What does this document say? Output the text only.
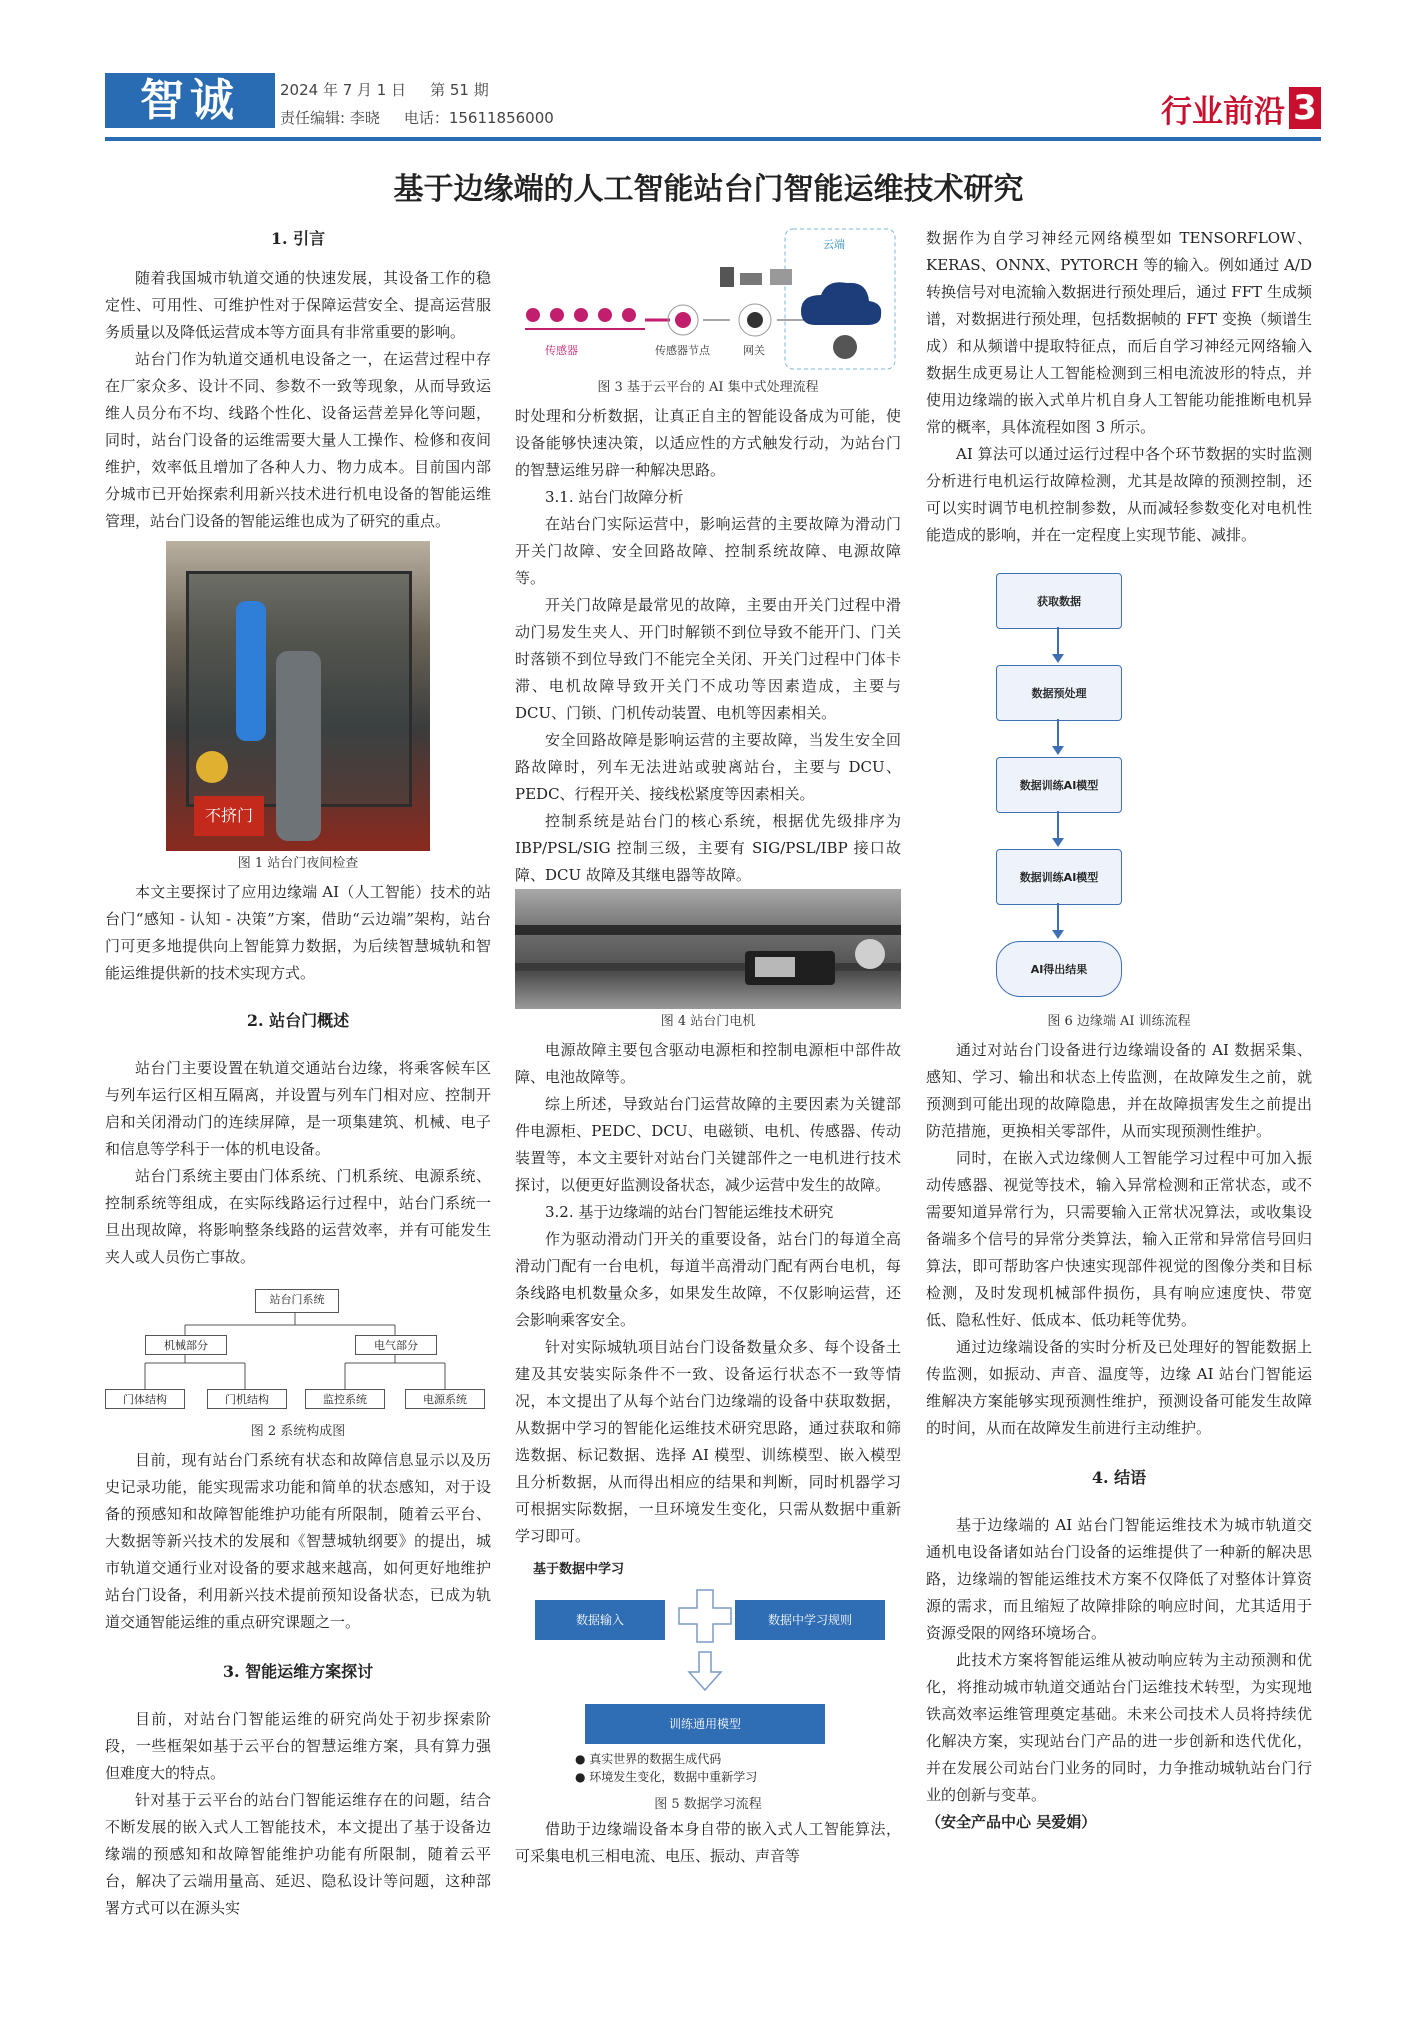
智诚	2024 年 7 月 1 日 第 51 期
责任编辑: 李晓 电话：15611856000	行业前沿 3
基于边缘端的人工智能站台门智能运维技术研究
1. 引言

随着我国城市轨道交通的快速发展，其设备工作的稳定性、可用性、可维护性对于保障运营安全、提高运营服务质量以及降低运营成本等方面具有非常重要的影响。

站台门作为轨道交通机电设备之一，在运营过程中存在厂家众多、设计不同、参数不一致等现象，从而导致运维人员分布不均、线路个性化、设备运营差异化等问题，同时，站台门设备的运维需要大量人工操作、检修和夜间维护，效率低且增加了各种人力、物力成本。目前国内部分城市已开始探索利用新兴技术进行机电设备的智能运维管理，站台门设备的智能运维也成为了研究的重点。

不挤门
图 1 站台门夜间检查

本文主要探讨了应用边缘端 AI（人工智能）技术的站台门“感知 - 认知 - 决策”方案，借助“云边端”架构，站台门可更多地提供向上智能算力数据，为后续智慧城轨和智能运维提供新的技术实现方式。

2. 站台门概述

站台门主要设置在轨道交通站台边缘，将乘客候车区与列车运行区相互隔离，并设置与列车门相对应、控制开启和关闭滑动门的连续屏障，是一项集建筑、机械、电子和信息等学科于一体的机电设备。

站台门系统主要由门体系统、门机系统、电源系统、控制系统等组成，在实际线路运行过程中，站台门系统一旦出现故障，将影响整条线路的运营效率，并有可能发生夹人或人员伤亡事故。

站台门系统
机械部分	电气部分
门体结构	门机结构	监控系统	电源系统
图 2 系统构成图

目前，现有站台门系统有状态和故障信息显示以及历史记录功能，能实现需求功能和简单的状态感知，对于设备的预感知和故障智能维护功能有所限制，随着云平台、大数据等新兴技术的发展和《智慧城轨纲要》的提出，城市轨道交通行业对设备的要求越来越高，如何更好地维护站台门设备，利用新兴技术提前预知设备状态，已成为轨道交通智能运维的重点研究课题之一。

3. 智能运维方案探讨

目前，对站台门智能运维的研究尚处于初步探索阶段，一些框架如基于云平台的智慧运维方案，具有算力强但难度大的特点。

针对基于云平台的站台门智能运维存在的问题，结合不断发展的嵌入式人工智能技术，本文提出了基于设备边缘端的预感知和故障智能维护功能有所限制，随着云平台，解决了云端用量高、延迟、隐私设计等问题，这种部署方式可以在源头实

云端
传感器	传感器节点	网关
图 3 基于云平台的 AI 集中式处理流程

时处理和分析数据，让真正自主的智能设备成为可能，使设备能够快速决策，以适应性的方式触发行动，为站台门的智慧运维另辟一种解决思路。

3.1. 站台门故障分析

在站台门实际运营中，影响运营的主要故障为滑动门开关门故障、安全回路故障、控制系统故障、电源故障等。

开关门故障是最常见的故障，主要由开关门过程中滑动门易发生夹人、开门时解锁不到位导致不能开门、门关时落锁不到位导致门不能完全关闭、开关门过程中门体卡滞、电机故障导致开关门不成功等因素造成，主要与 DCU、门锁、门机传动装置、电机等因素相关。

安全回路故障是影响运营的主要故障，当发生安全回路故障时，列车无法进站或驶离站台，主要与 DCU、PEDC、行程开关、接线松紧度等因素相关。

控制系统是站台门的核心系统，根据优先级排序为 IBP/PSL/SIG 控制三级，主要有 SIG/PSL/IBP 接口故障、DCU 故障及其继电器等故障。

图 4 站台门电机

电源故障主要包含驱动电源柜和控制电源柜中部件故障、电池故障等。

综上所述，导致站台门运营故障的主要因素为关键部件电源柜、PEDC、DCU、电磁锁、电机、传感器、传动装置等，本文主要针对站台门关键部件之一电机进行技术探讨，以便更好监测设备状态，减少运营中发生的故障。

3.2. 基于边缘端的站台门智能运维技术研究

作为驱动滑动门开关的重要设备，站台门的每道全高滑动门配有一台电机，每道半高滑动门配有两台电机，每条线路电机数量众多，如果发生故障，不仅影响运营，还会影响乘客安全。

针对实际城轨项目站台门设备数量众多、每个设备土建及其安装实际条件不一致、设备运行状态不一致等情况，本文提出了从每个站台门边缘端的设备中获取数据，从数据中学习的智能化运维技术研究思路，通过获取和筛选数据、标记数据、选择 AI 模型、训练模型、嵌入模型且分析数据，从而得出相应的结果和判断，同时机器学习可根据实际数据，一旦环境发生变化，只需从数据中重新学习即可。

基于数据中学习
数据输入	数据中学习规则
训练通用模型
● 真实世界的数据生成代码
● 环境发生变化，数据中重新学习
图 5 数据学习流程

借助于边缘端设备本身自带的嵌入式人工智能算法，可采集电机三相电流、电压、振动、声音等

数据作为自学习神经元网络模型如 TENSORFLOW、KERAS、ONNX、PYTORCH 等的输入。例如通过 A/D 转换信号对电流输入数据进行预处理后，通过 FFT 生成频谱，对数据进行预处理，包括数据帧的 FFT 变换（频谱生成）和从频谱中提取特征点，而后自学习神经元网络输入数据生成更易让人工智能检测到三相电流波形的特点，并使用边缘端的嵌入式单片机自身人工智能功能推断电机异常的概率，具体流程如图 3 所示。

AI 算法可以通过运行过程中各个环节数据的实时监测分析进行电机运行故障检测，尤其是故障的预测控制，还可以实时调节电机控制参数，从而减轻参数变化对电机性能造成的影响，并在一定程度上实现节能、减排。

获取数据
数据预处理
数据训练AI模型
数据训练AI模型
AI得出结果
图 6 边缘端 AI 训练流程

通过对站台门设备进行边缘端设备的 AI 数据采集、感知、学习、输出和状态上传监测，在故障发生之前，就预测到可能出现的故障隐患，并在故障损害发生之前提出防范措施，更换相关零部件，从而实现预测性维护。

同时，在嵌入式边缘侧人工智能学习过程中可加入振动传感器、视觉等技术，输入异常检测和正常状态，或不需要知道异常行为，只需要输入正常状况算法，或收集设备端多个信号的异常分类算法，输入正常和异常信号回归算法，即可帮助客户快速实现部件视觉的图像分类和目标检测，及时发现机械部件损伤，具有响应速度快、带宽低、隐私性好、低成本、低功耗等优势。

通过边缘端设备的实时分析及已处理好的智能数据上传监测，如振动、声音、温度等，边缘 AI 站台门智能运维解决方案能够实现预测性维护，预测设备可能发生故障的时间，从而在故障发生前进行主动维护。

4. 结语

基于边缘端的 AI 站台门智能运维技术为城市轨道交通机电设备诸如站台门设备的运维提供了一种新的解决思路，边缘端的智能运维技术方案不仅降低了对整体计算资源的需求，而且缩短了故障排除的响应时间，尤其适用于资源受限的网络环境场合。

此技术方案将智能运维从被动响应转为主动预测和优化，将推动城市轨道交通站台门运维技术转型，为实现地铁高效率运维管理奠定基础。未来公司技术人员将持续优化解决方案，实现站台门产品的进一步创新和迭代优化，并在发展公司站台门业务的同时，力争推动城轨站台门行业的创新与变革。

（安全产品中心 吴爱娟）
